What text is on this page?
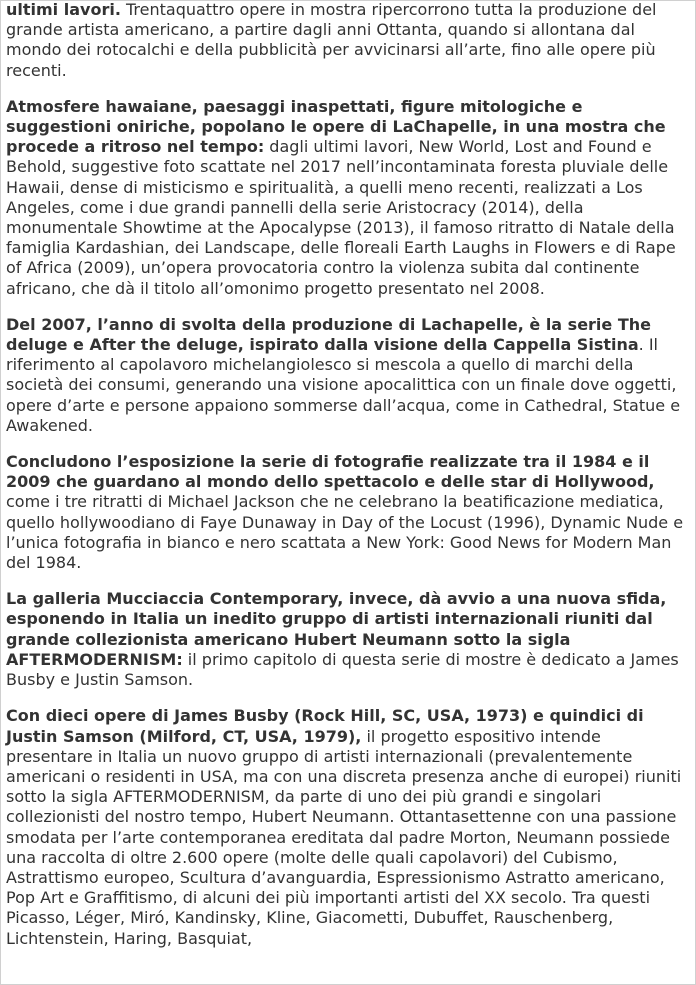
ultimi lavori. Trentaquattro opere in mostra ripercorrono tutta la produzione del grande artista americano, a partire dagli anni Ottanta, quando si allontana dal mondo dei rotocalchi e della pubblicità per avvicinarsi all’arte, fino alle opere più recenti.

Atmosfere hawaiane, paesaggi inaspettati, figure mitologiche e suggestioni oniriche, popolano le opere di LaChapelle, in una mostra che procede a ritroso nel tempo: dagli ultimi lavori, New World, Lost and Found e Behold, suggestive foto scattate nel 2017 nell’incontaminata foresta pluviale delle Hawaii, dense di misticismo e spiritualità, a quelli meno recenti, realizzati a Los Angeles, come i due grandi pannelli della serie Aristocracy (2014), della monumentale Showtime at the Apocalypse (2013), il famoso ritratto di Natale della famiglia Kardashian, dei Landscape, delle floreali Earth Laughs in Flowers e di Rape of Africa (2009), un’opera provocatoria contro la violenza subita dal continente africano, che dà il titolo all’omonimo progetto presentato nel 2008.

Del 2007, l’anno di svolta della produzione di Lachapelle, è la serie The deluge e After the deluge, ispirato dalla visione della Cappella Sistina. Il riferimento al capolavoro michelangiolesco si mescola a quello di marchi della società dei consumi, generando una visione apocalittica con un finale dove oggetti, opere d’arte e persone appaiono sommerse dall’acqua, come in Cathedral, Statue e Awakened.

Concludono l’esposizione la serie di fotografie realizzate tra il 1984 e il 2009 che guardano al mondo dello spettacolo e delle star di Hollywood, come i tre ritratti di Michael Jackson che ne celebrano la beatificazione mediatica, quello hollywoodiano di Faye Dunaway in Day of the Locust (1996), Dynamic Nude e l’unica fotografia in bianco e nero scattata a New York: Good News for Modern Man del 1984.

La galleria Mucciaccia Contemporary, invece, dà avvio a una nuova sfida, esponendo in Italia un inedito gruppo di artisti internazionali riuniti dal grande collezionista americano Hubert Neumann sotto la sigla AFTERMODERNISM: il primo capitolo di questa serie di mostre è dedicato a James Busby e Justin Samson.

Con dieci opere di James Busby (Rock Hill, SC, USA, 1973) e quindici di Justin Samson (Milford, CT, USA, 1979), il progetto espositivo intende presentare in Italia un nuovo gruppo di artisti internazionali (prevalentemente americani o residenti in USA, ma con una discreta presenza anche di europei) riuniti sotto la sigla AFTERMODERNISM, da parte di uno dei più grandi e singolari collezionisti del nostro tempo, Hubert Neumann. Ottantasettenne con una passione smodata per l’arte contemporanea ereditata dal padre Morton, Neumann possiede una raccolta di oltre 2.600 opere (molte delle quali capolavori) del Cubismo, Astrattismo europeo, Scultura d’avanguardia, Espressionismo Astratto americano, Pop Art e Graffitismo, di alcuni dei più importanti artisti del XX secolo. Tra questi Picasso, Léger, Miró, Kandinsky, Kline, Giacometti, Dubuffet, Rauschenberg, Lichtenstein, Haring, Basquiat,
